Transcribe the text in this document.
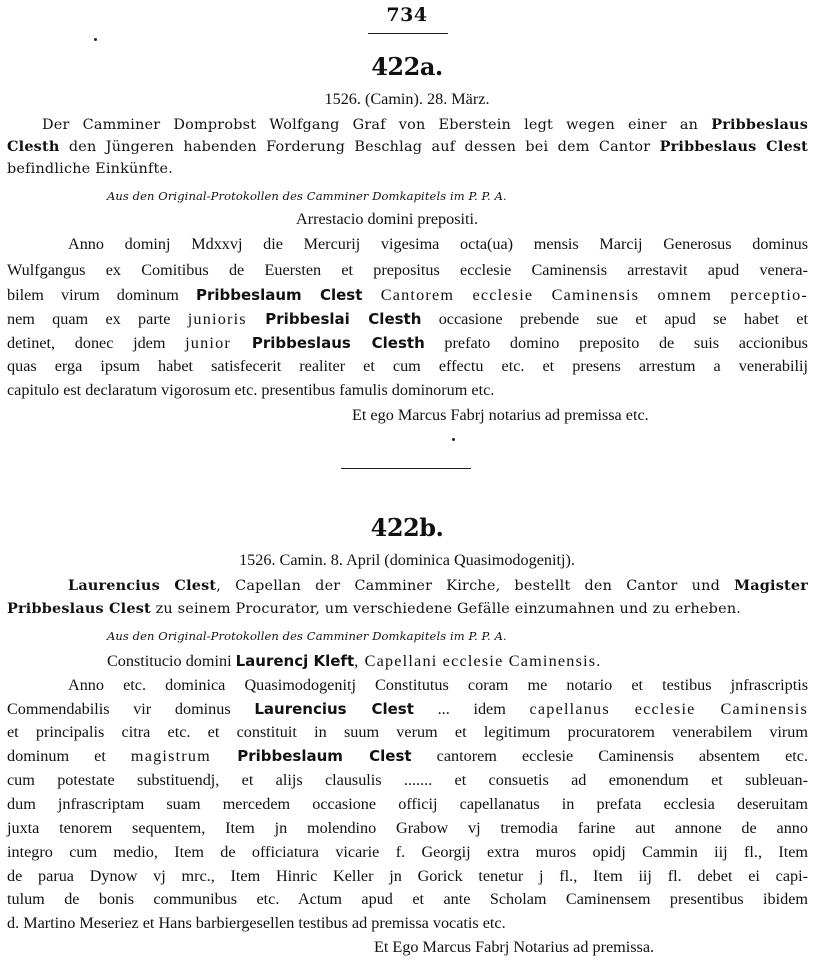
734
422a.
1526. (Camin). 28. März.
Der Camminer Domprobst Wolfgang Graf von Eberstein legt wegen einer an Pribbeslaus
Clesth den Jüngeren habenden Forderung Beschlag auf dessen bei dem Cantor Pribbeslaus Clest
befindliche Einkünfte.
Aus den Original-Protokollen des Camminer Domkapitels im P. P. A.
Arrestacio domini prepositi.
Anno dominj Mdxxvj die Mercurij vigesima octa(ua) mensis Marcij Generosus dominus
Wulfgangus ex Comitibus de Euersten et prepositus ecclesie Caminensis arrestavit apud venera-
bilem virum dominum Pribbeslaum Clest Cantorem ecclesie Caminensis omnem perceptio-
nem quam ex parte junioris Pribbeslai Clesth occasione prebende sue et apud se habet et
detinet, donec jdem junior Pribbeslaus Clesth prefato domino preposito de suis accionibus
quas erga ipsum habet satisfecerit realiter et cum effectu etc. et presens arrestum a venerabilij
capitulo est declaratum vigorosum etc. presentibus famulis dominorum etc.
Et ego Marcus Fabrj notarius ad premissa etc.
422b.
1526. Camin. 8. April (dominica Quasimodogenitj).
Laurencius Clest, Capellan der Camminer Kirche, bestellt den Cantor und Magister
Pribbeslaus Clest zu seinem Procurator, um verschiedene Gefälle einzumahnen und zu erheben.
Aus den Original-Protokollen des Camminer Domkapitels im P. P. A.
Constitucio domini Laurencj Kleft, Capellani ecclesie Caminensis.
Anno etc. dominica Quasimodogenitj Constitutus coram me notario et testibus jnfrascriptis
Commendabilis vir dominus Laurencius Clest ... idem capellanus ecclesie Caminensis
et principalis citra etc. et constituit in suum verum et legitimum procuratorem venerabilem virum
dominum et magistrum Pribbeslaum Clest cantorem ecclesie Caminensis absentem etc.
cum potestate substituendj, et alijs clausulis ....... et consuetis ad emonendum et subleuan-
dum jnfrascriptam suam mercedem occasione officij capellanatus in prefata ecclesia deseruitam
juxta tenorem sequentem, Item jn molendino Grabow vj tremodia farine aut annone de anno
integro cum medio, Item de officiatura vicarie f. Georgij extra muros opidj Cammin iij fl., Item
de parua Dynow vj mrc., Item Hinric Keller jn Gorick tenetur j fl., Item iij fl. debet ei capi-
tulum de bonis communibus etc. Actum apud et ante Scholam Caminensem presentibus ibidem
d. Martino Meseriez et Hans barbiergesellen testibus ad premissa vocatis etc.
Et Ego Marcus Fabrj Notarius ad premissa.
